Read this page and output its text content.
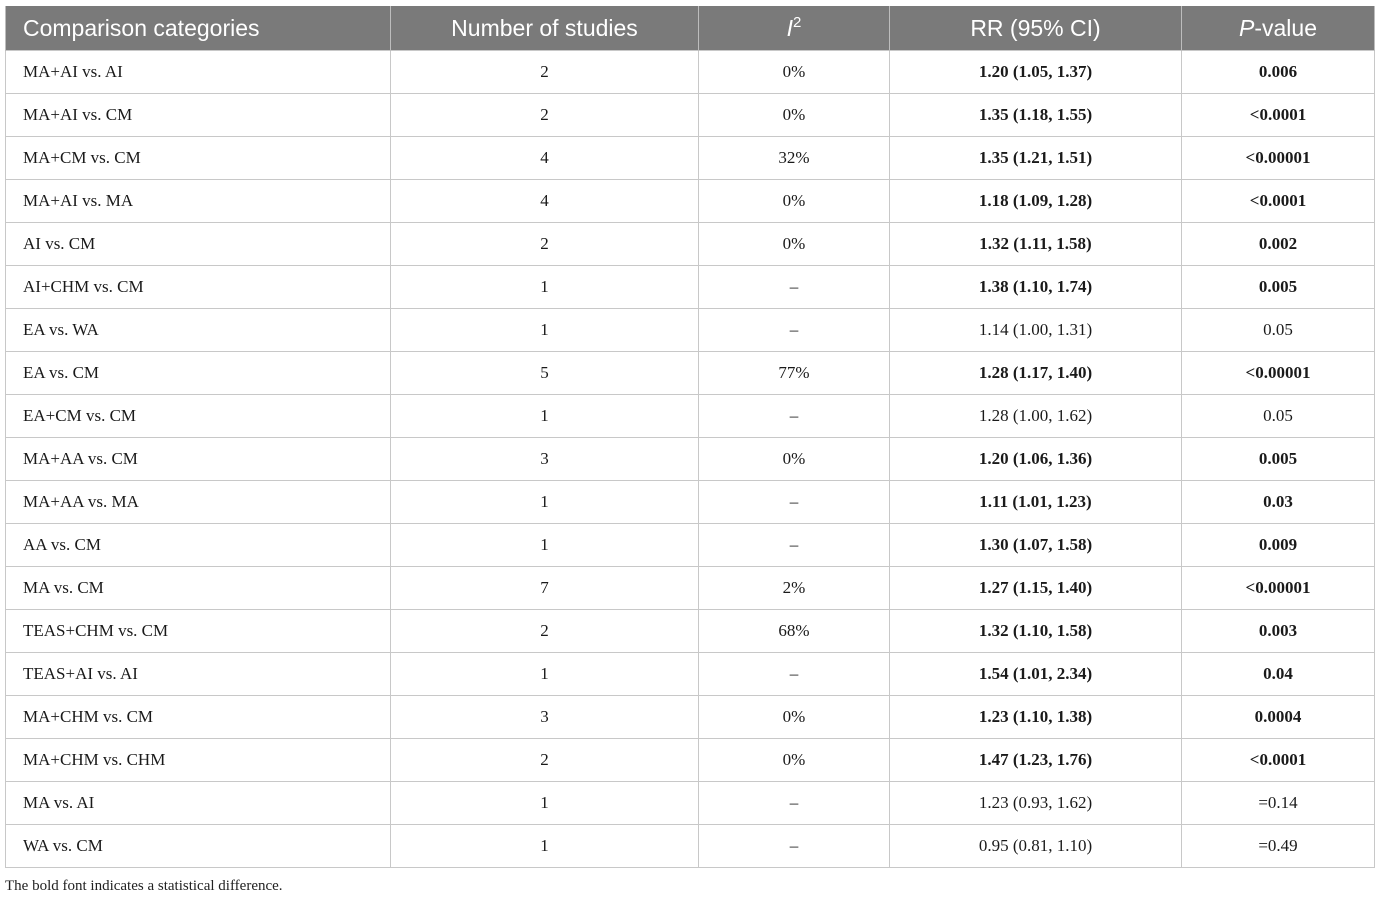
Comparison categories	Number of studies	$I^2$	RR (95% CI)	P-value
MA+AI vs. AI	2	0%	1.20 (1.05, 1.37)	0.006
MA+AI vs. CM	2	0%	1.35 (1.18, 1.55)	<0.0001
MA+CM vs. CM	4	32%	1.35 (1.21, 1.51)	<0.00001
MA+AI vs. MA	4	0%	1.18 (1.09, 1.28)	<0.0001
AI vs. CM	2	0%	1.32 (1.11, 1.58)	0.002
AI+CHM vs. CM	1	–	1.38 (1.10, 1.74)	0.005
EA vs. WA	1	–	1.14 (1.00, 1.31)	0.05
EA vs. CM	5	77%	1.28 (1.17, 1.40)	<0.00001
EA+CM vs. CM	1	–	1.28 (1.00, 1.62)	0.05
MA+AA vs. CM	3	0%	1.20 (1.06, 1.36)	0.005
MA+AA vs. MA	1	–	1.11 (1.01, 1.23)	0.03
AA vs. CM	1	–	1.30 (1.07, 1.58)	0.009
MA vs. CM	7	2%	1.27 (1.15, 1.40)	<0.00001
TEAS+CHM vs. CM	2	68%	1.32 (1.10, 1.58)	0.003
TEAS+AI vs. AI	1	–	1.54 (1.01, 2.34)	0.04
MA+CHM vs. CM	3	0%	1.23 (1.10, 1.38)	0.0004
MA+CHM vs. CHM	2	0%	1.47 (1.23, 1.76)	<0.0001
MA vs. AI	1	–	1.23 (0.93, 1.62)	=0.14
WA vs. CM	1	–	0.95 (0.81, 1.10)	=0.49

The bold font indicates a statistical difference.
